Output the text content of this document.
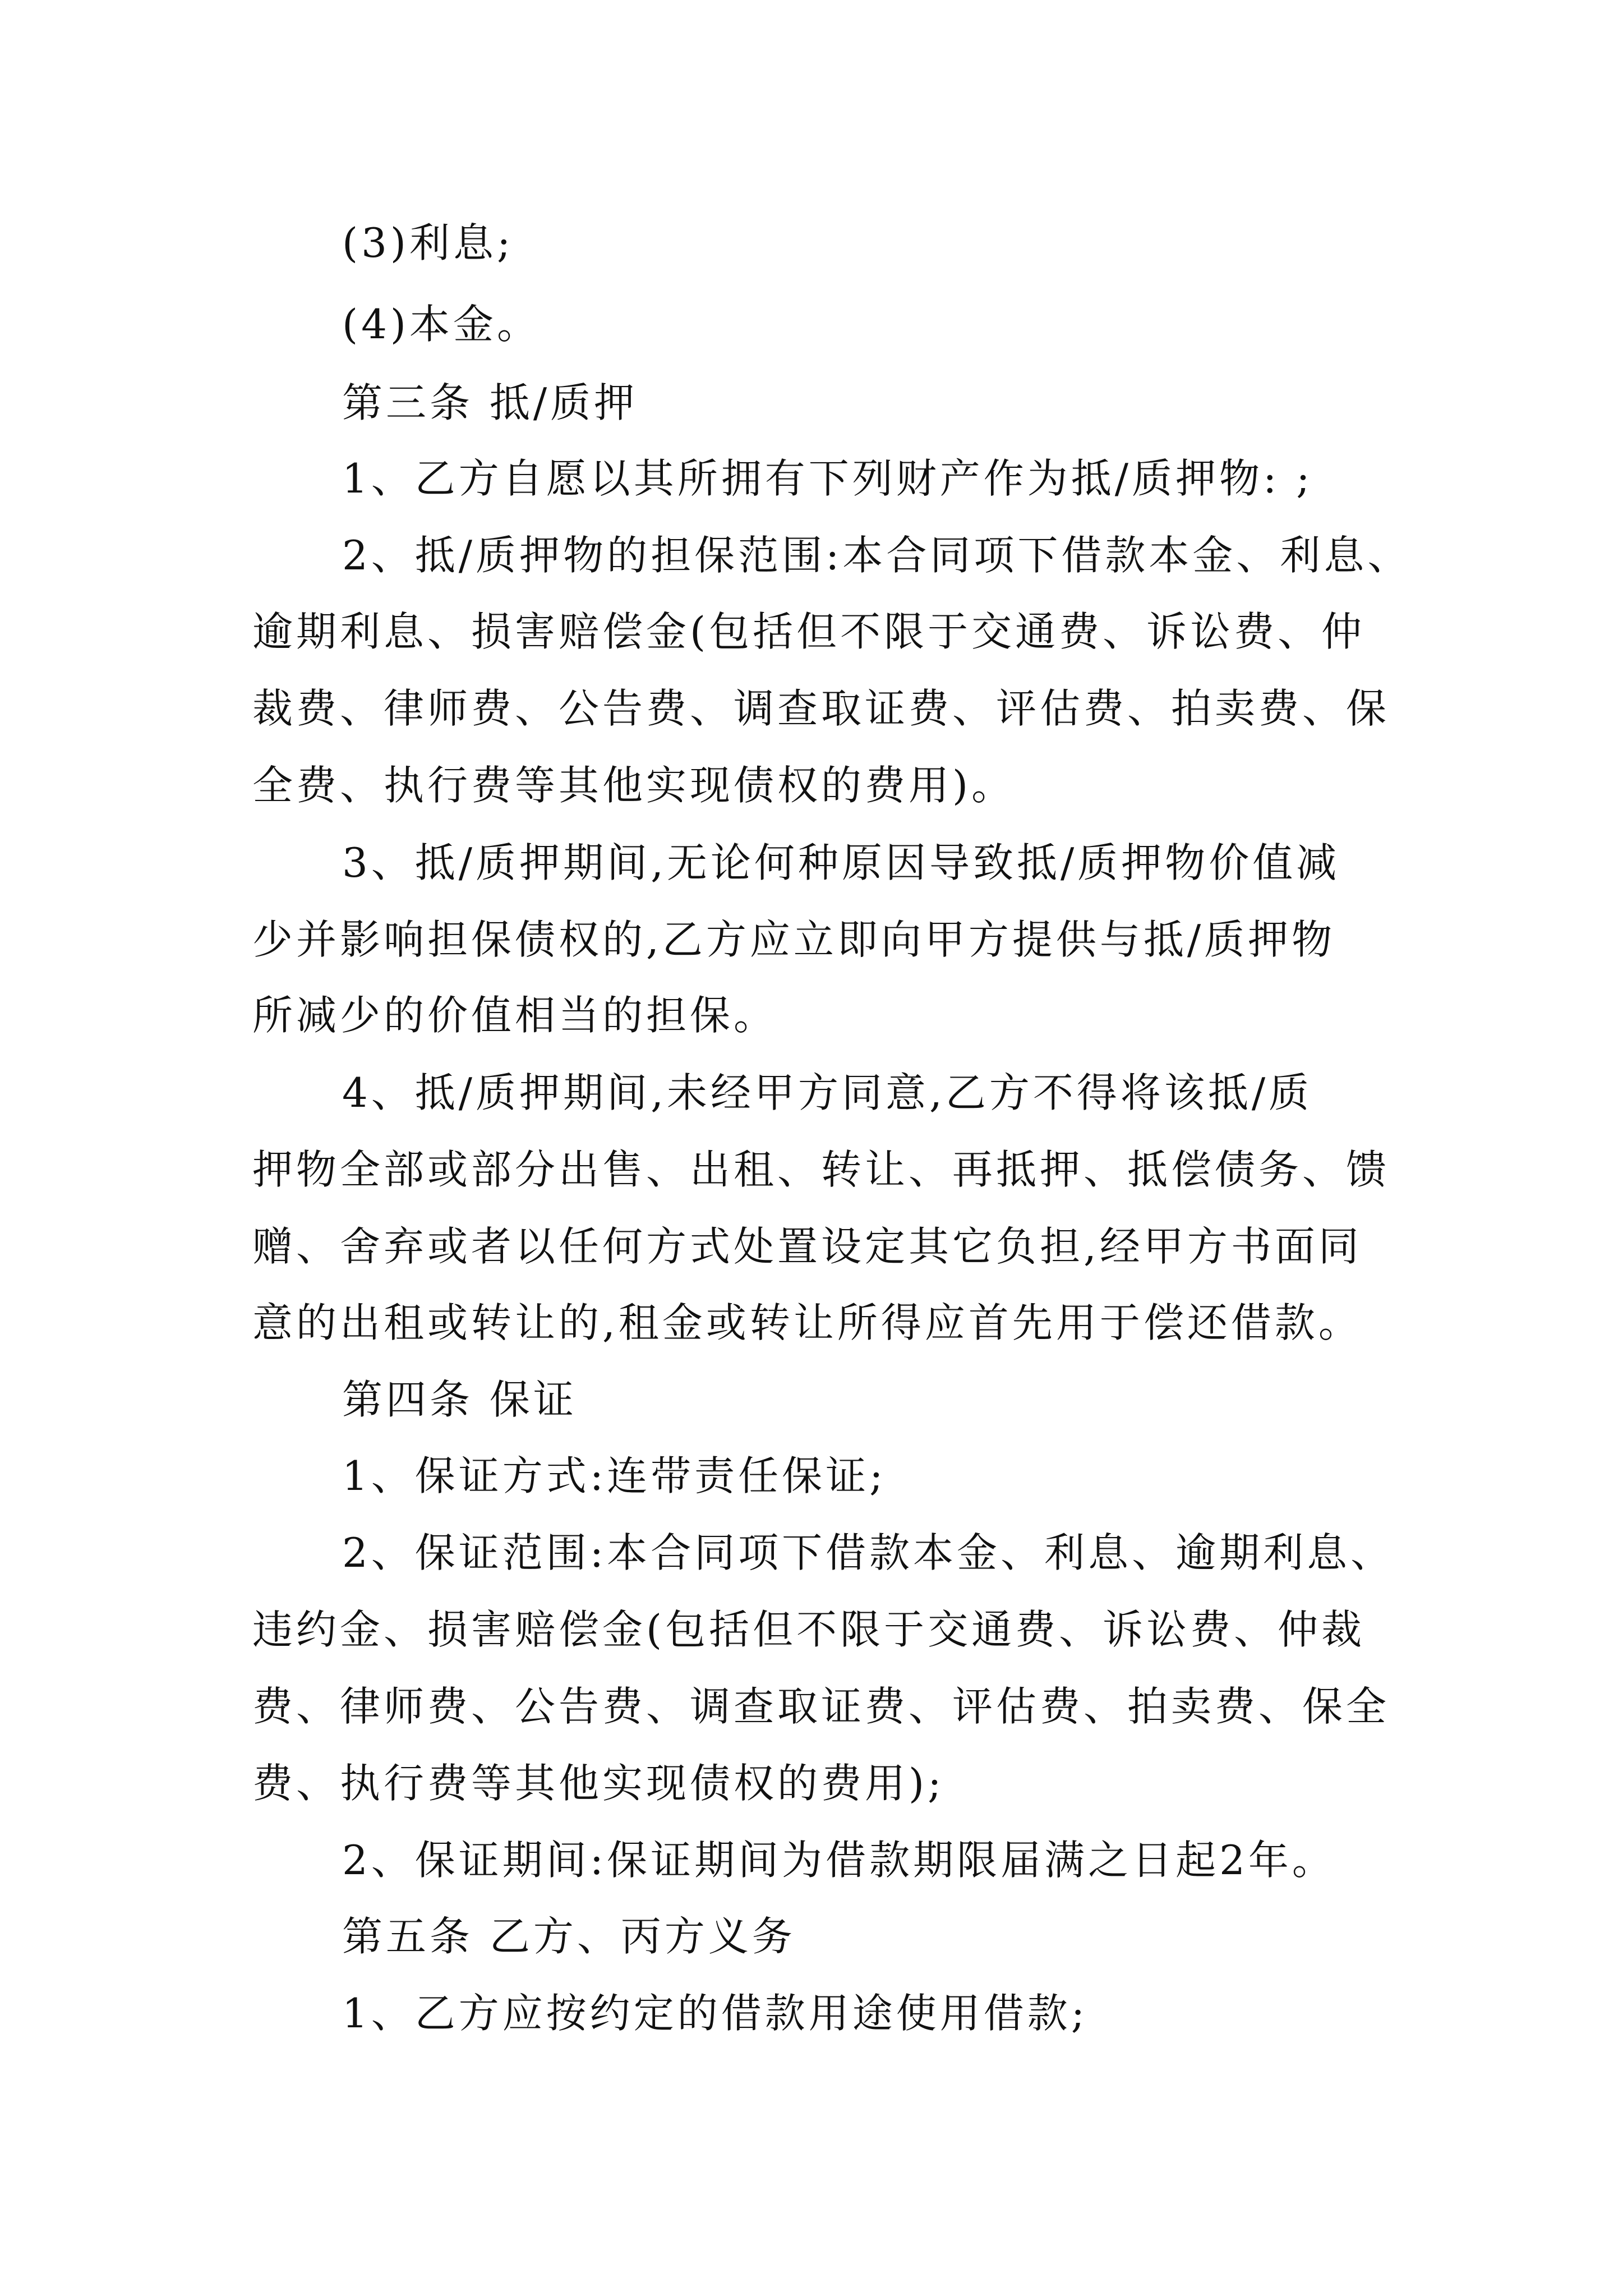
(3)利息;
(4)本金。
第三条 抵/质押
1、乙方自愿以其所拥有下列财产作为抵/质押物: ;
2、抵/质押物的担保范围:本合同项下借款本金、利息、
逾期利息、损害赔偿金(包括但不限于交通费、诉讼费、仲
裁费、律师费、公告费、调查取证费、评估费、拍卖费、保
全费、执行费等其他实现债权的费用)。
3、抵/质押期间,无论何种原因导致抵/质押物价值减
少并影响担保债权的,乙方应立即向甲方提供与抵/质押物
所减少的价值相当的担保。
4、抵/质押期间,未经甲方同意,乙方不得将该抵/质
押物全部或部分出售、出租、转让、再抵押、抵偿债务、馈
赠、舍弃或者以任何方式处置设定其它负担,经甲方书面同
意的出租或转让的,租金或转让所得应首先用于偿还借款。
第四条 保证
1、保证方式:连带责任保证;
2、保证范围:本合同项下借款本金、利息、逾期利息、
违约金、损害赔偿金(包括但不限于交通费、诉讼费、仲裁
费、律师费、公告费、调查取证费、评估费、拍卖费、保全
费、执行费等其他实现债权的费用);
2、保证期间:保证期间为借款期限届满之日起2年。
第五条 乙方、丙方义务
1、乙方应按约定的借款用途使用借款;
